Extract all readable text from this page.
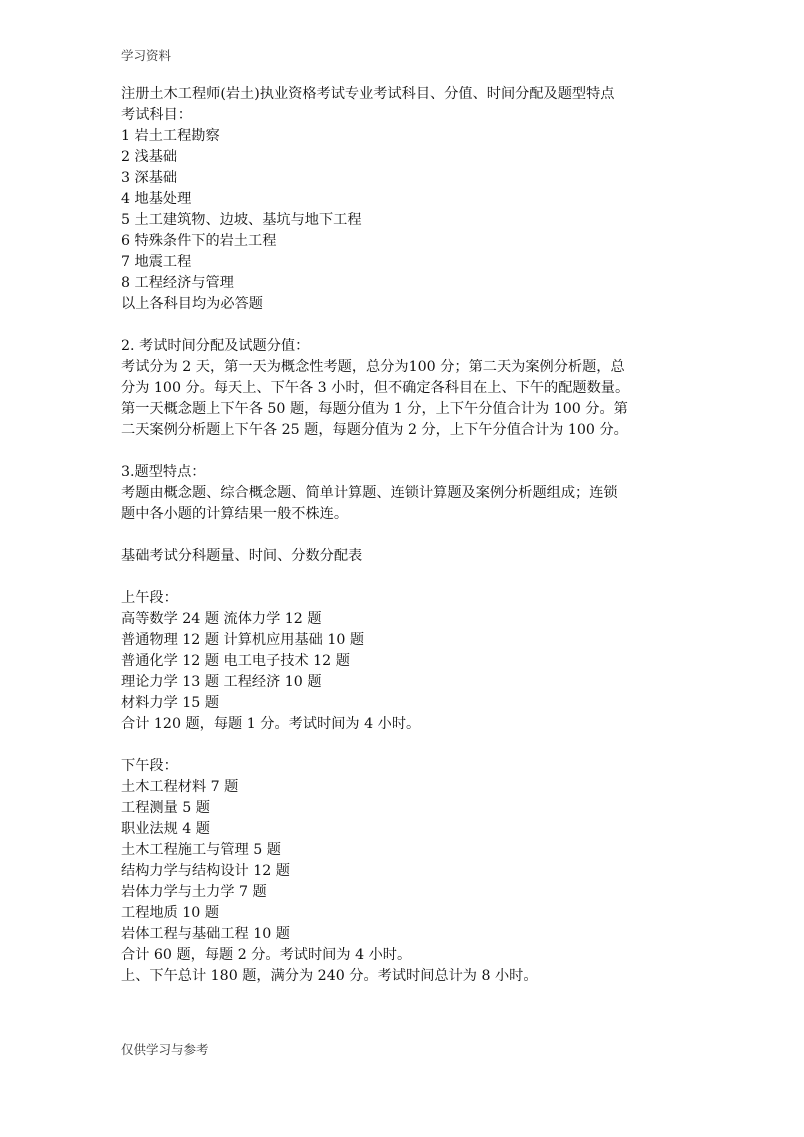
学习资料
注册土木工程师(岩土)执业资格考试专业考试科目、分值、时间分配及题型特点
考试科目：
1 岩土工程勘察
2 浅基础
3 深基础
4 地基处理
5 土工建筑物、边坡、基坑与地下工程
6 特殊条件下的岩土工程
7 地震工程
8 工程经济与管理
以上各科目均为必答题
2. 考试时间分配及试题分值：
考试分为 2 天，第一天为概念性考题，总分为100 分；第二天为案例分析题，总
分为 100 分。每天上、下午各 3 小时，但不确定各科目在上、下午的配题数量。
第一天概念题上下午各 50 题，每题分值为 1 分，上下午分值合计为 100 分。第
二天案例分析题上下午各 25 题，每题分值为 2 分，上下午分值合计为 100 分。
3.题型特点：
考题由概念题、综合概念题、简单计算题、连锁计算题及案例分析题组成；连锁
题中各小题的计算结果一般不株连。
基础考试分科题量、时间、分数分配表
上午段：
高等数学 24 题 流体力学 12 题
普通物理 12 题 计算机应用基础 10 题
普通化学 12 题 电工电子技术 12 题
理论力学 13 题 工程经济 10 题
材料力学 15 题
合计 120 题，每题 1 分。考试时间为 4 小时。
下午段：
土木工程材料 7 题
工程测量 5 题
职业法规 4 题
土木工程施工与管理 5 题
结构力学与结构设计 12 题
岩体力学与土力学 7 题
工程地质 10 题
岩体工程与基础工程 10 题
合计 60 题，每题 2 分。考试时间为 4 小时。
上、下午总计 180 题，满分为 240 分。考试时间总计为 8 小时。
仅供学习与参考
